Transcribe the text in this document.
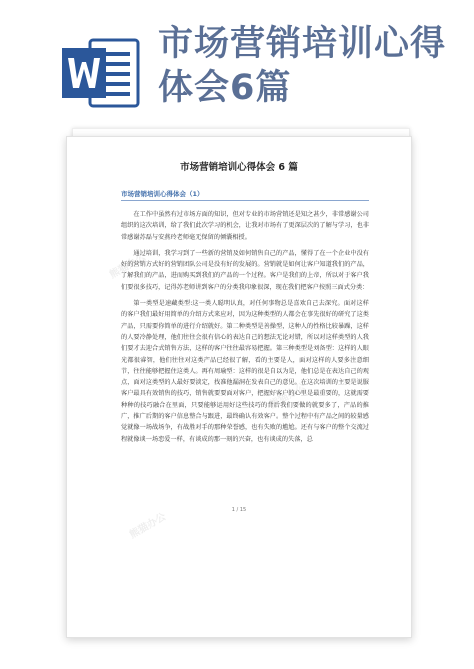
市场营销培训心得体会6篇
熊猫办公
熊猫办公
熊猫办公
市场营销培训心得体会 6 篇
市场营销培训心得体会（1）

在工作中虽然有过市场方面的知识，但对专业的市场营销还是知之甚少，非常感谢公司组织的这次培训，给了我们此次学习的机会，让我对市场有了更深层次的了解与学习，也非常感谢苏磊与安燕玲老师毫无保留的倾囊相授。

通过培训，我学习到了一些新的营销及如何销售自己的产品，懂得了在一个企业中没有好的营销方式好的营销团队公司是没有好的发展的。营销就是如何让客户知道我们的产品，了解我们的产品，进而购买到我们的产品的一个过程。客户是我们的上帝，所以对于客户我们要很多技巧，记得苏老师讲到客户的分类我印象很深，现在我们把客户按照三面式分类：

第一类型是速藏类型:这一类人聪明认真，对任何事物总是喜欢自己去深究。面对这样的客户我们最好用简单的介绍方式来应对，因为这种类型的人都会在事先很好的研究了这类产品，只需要你简单的进行介绍就好。第二种类型是善操型，这种人的性格比较暴躁，这样的人要冷静处理，他们往往会很有信心的表达自己的想法无论对错，所以对这样类型的人我们要才去迎合式销售方法，这样的客户往往最容易把握。第三种类型是刘备型：这样的人眼光都很睿智，他们往往对这类产品已经很了解，看的主要是人，面对这样的人要多注意细节，往往能够把握住这类人。再有周瑜型：这样的很是自以为是，他们总是在表达自己的观点，面对这类型的人最好要淡定，找准他漏洞在发表自己的意见。在这次培训的主要是说服客户最具有效销售的技巧，销售就要要面对客户，把握好客户的心里是最重要的，这就需要种种的技巧融合在里面，只要能够运用好这些技巧的背后我们要做的就要多了，产品的推广，推广后期的客户信息整合与跟进，最终确认有效客户。整个过程中有产品之间的较量感觉就像一场战场争，有战胜对手的那种荣誉感，也有失败的尴尬。还有与客户的整个交流过程就像谈一场恋爱一样，有谈成的那一刻的兴奋，也有谈成的失落，总

1 / 15
